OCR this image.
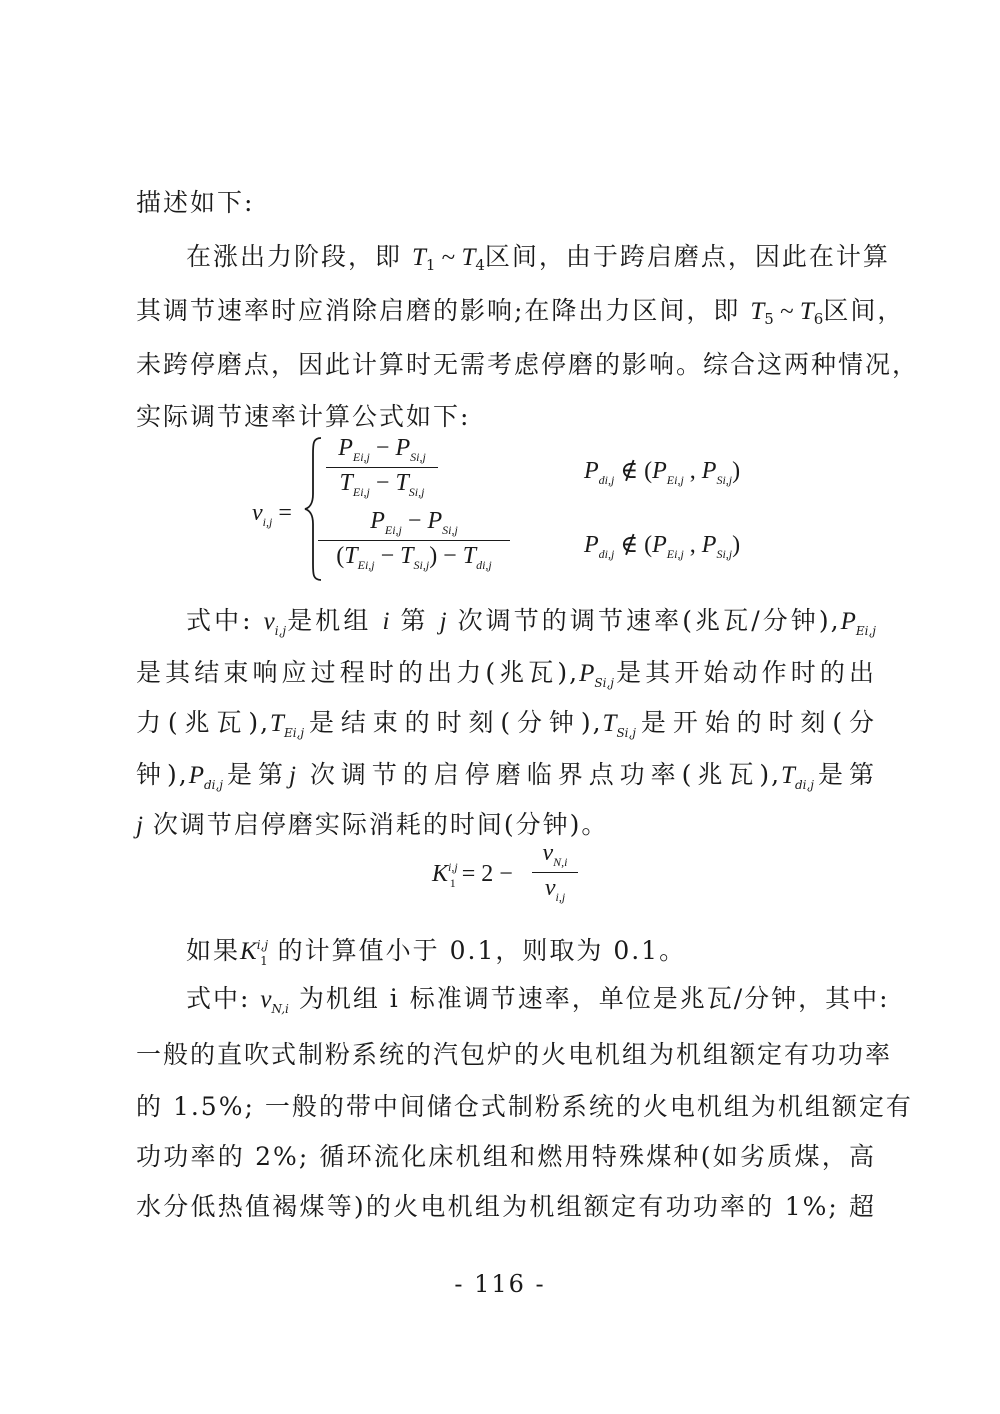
描述如下:
在涨出力阶段，即 $T_1$ ~ $T_4$区间，由于跨启磨点，因此在计算
其调节速率时应消除启磨的影响;在降出力区间，即 $T_5$ ~ $T_6$区间，
未跨停磨点，因此计算时无需考虑停磨的影响。综合这两种情况，
实际调节速率计算公式如下:
$v_{i,j}$ =
$P_{Ei,j} - P_{Si,j}$
$T_{Ei,j} - T_{Si,j}$
$P_{di,j}$ ∉ ($P_{Ei,j}$ , $P_{Si,j}$)
$P_{Ei,j} - P_{Si,j}$
$(T_{Ei,j} - T_{Si,j}) - T_{di,j}$
$P_{di,j}$ ∉ ($P_{Ei,j}$ , $P_{Si,j}$)
式中: $v_{i,j}$是机组 i 第 j 次调节的调节速率(兆瓦/分钟)$,P_{Ei,j}$
是其结束响应过程时的出力(兆瓦)$,P_{Si,j}$是其开始动作时的出
力(兆瓦)$,T_{Ei,j}$是结束的时刻(分钟)$,T_{Si,j}$是开始的时刻(分
钟)$,P_{di,j}$是第j 次调节的启停磨临界点功率(兆瓦)$,T_{di,j}$是第
j 次调节启停磨实际消耗的时间(分钟)。
K$^{i,j}_1$ = 2 −
$v_{N,i}$
$v_{i,j}$
如果K$^{i,j}_1$ 的计算值小于 0.1，则取为 0.1。
式中: $v_{N,i}$ 为机组 i 标准调节速率，单位是兆瓦/分钟，其中:
一般的直吹式制粉系统的汽包炉的火电机组为机组额定有功功率
的 1.5%; 一般的带中间储仓式制粉系统的火电机组为机组额定有
功功率的 2%; 循环流化床机组和燃用特殊煤种(如劣质煤，高
水分低热值褐煤等)的火电机组为机组额定有功功率的 1%; 超
- 116 -
